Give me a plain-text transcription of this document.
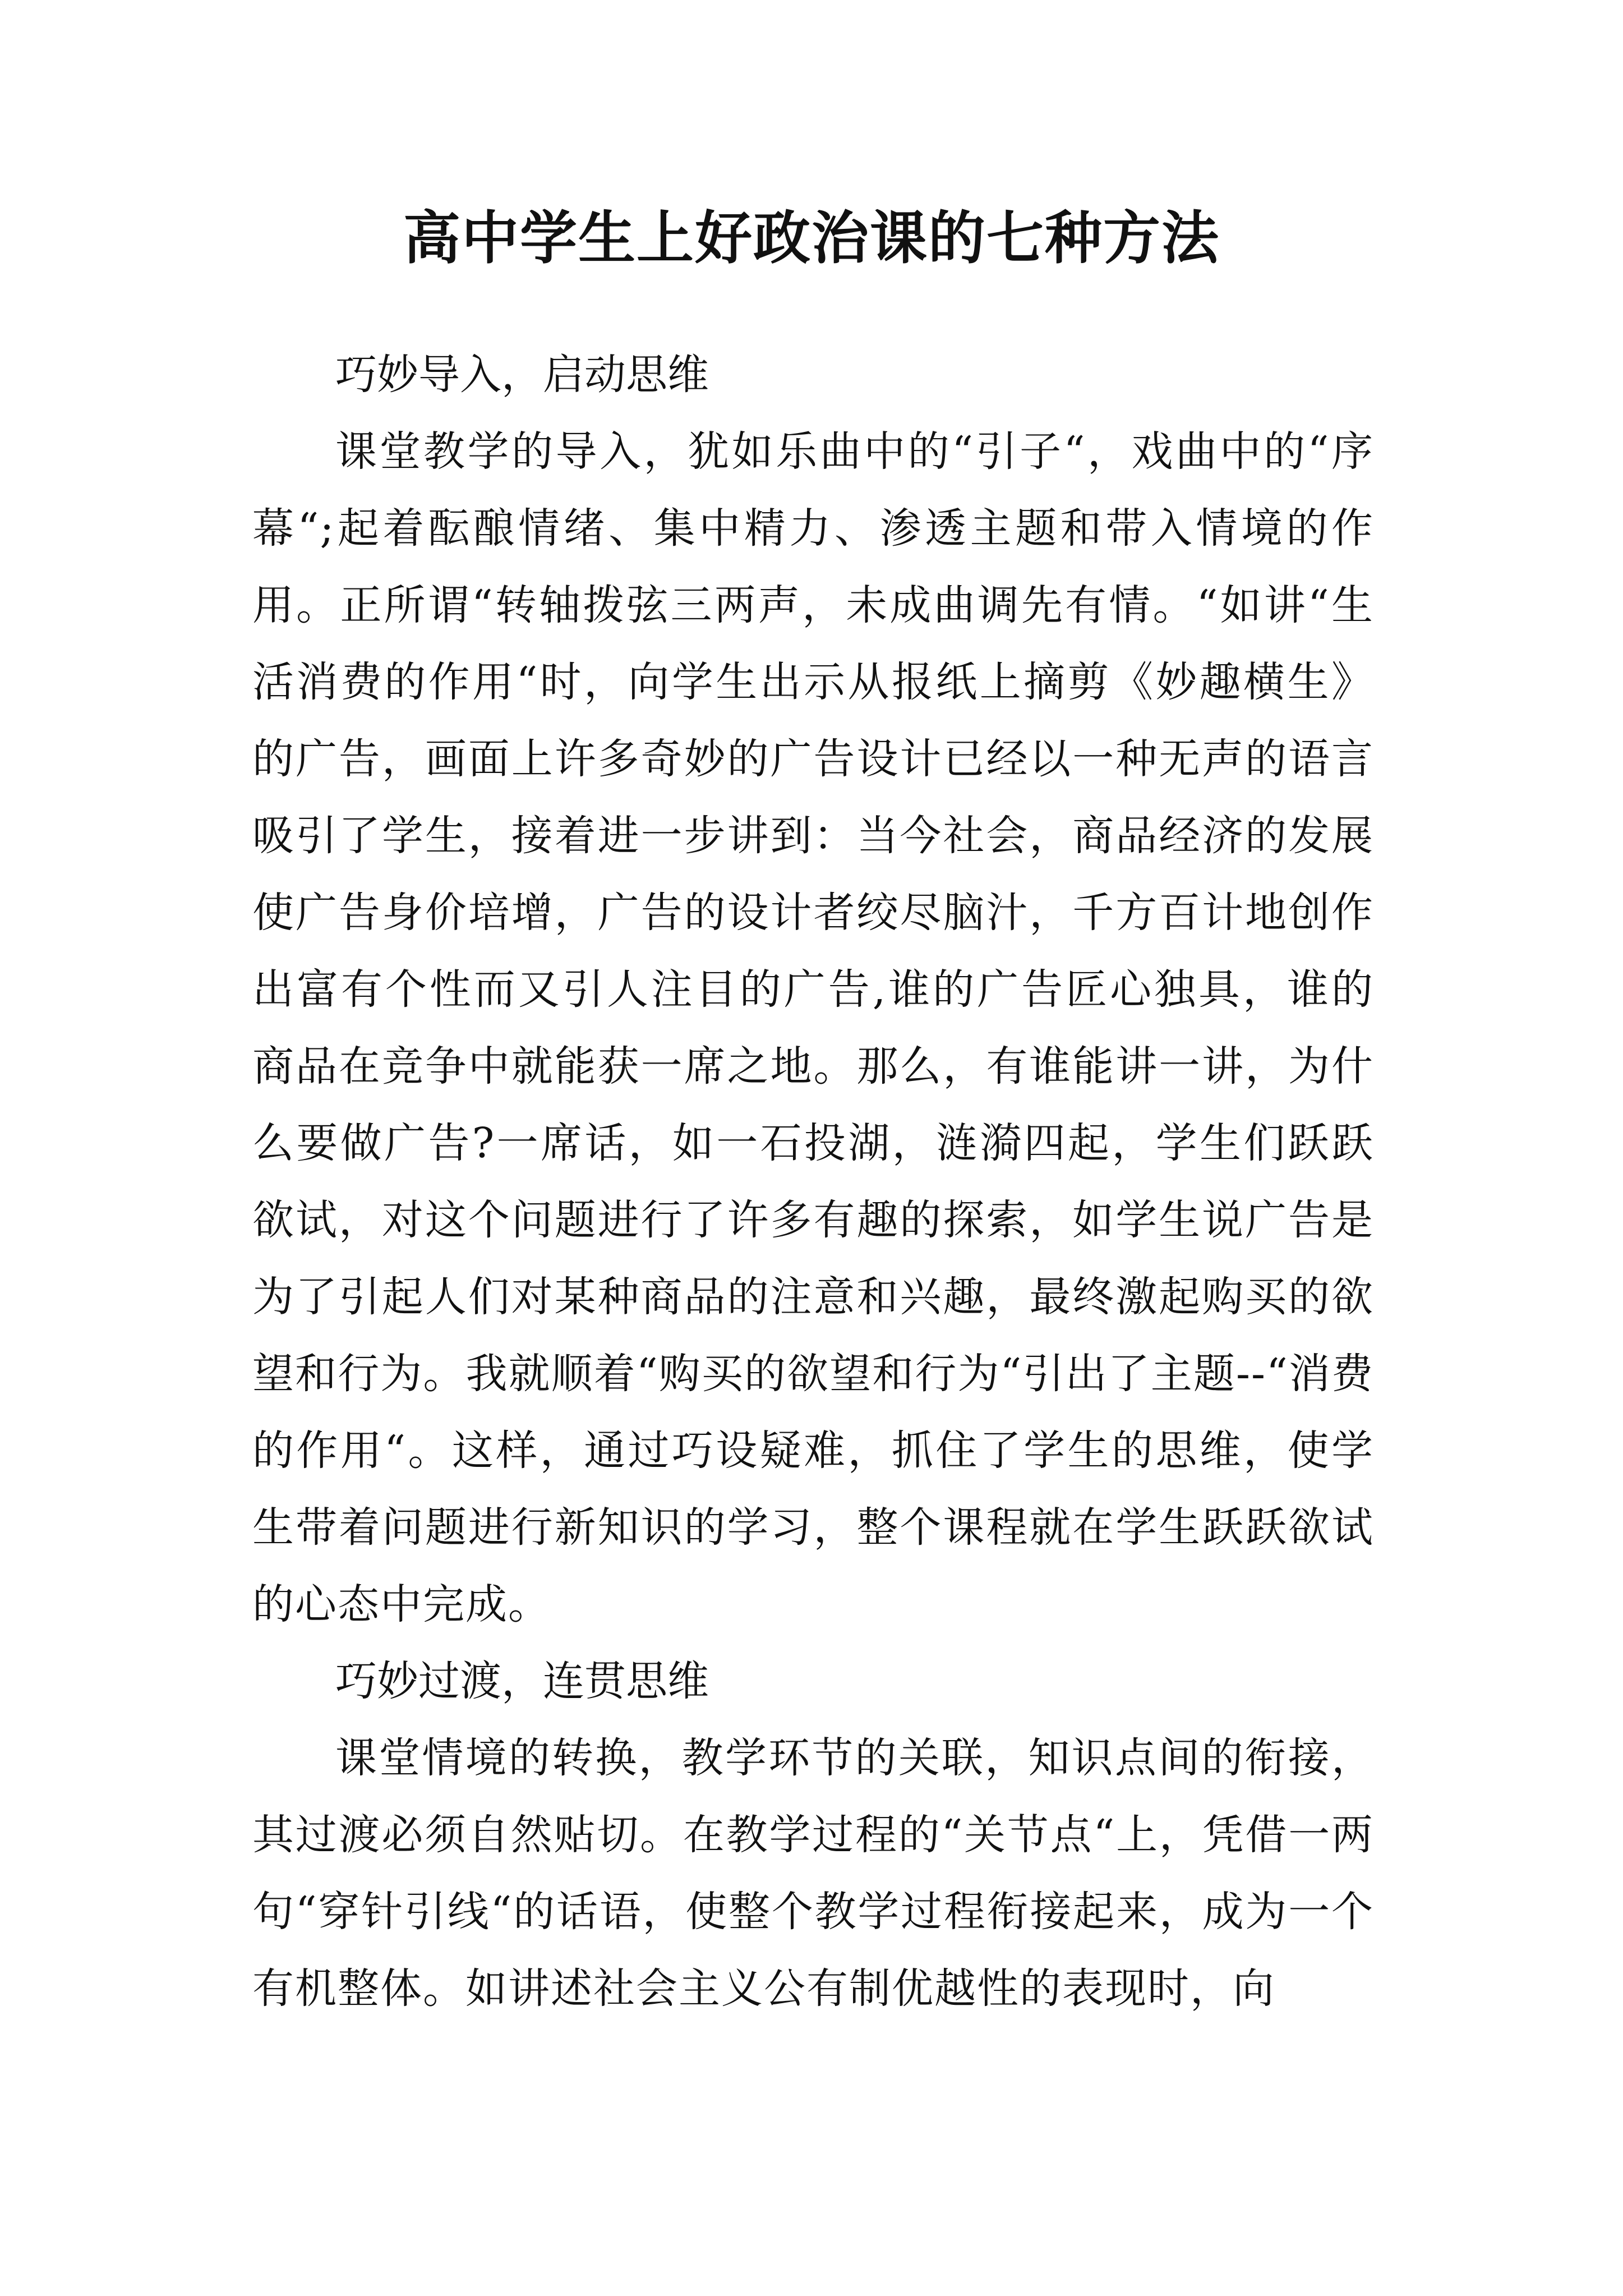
高中学生上好政治课的七种方法

巧妙导入，启动思维

课堂教学的导入，犹如乐曲中的“引子“，戏曲中的“序幕“;起着酝酿情绪、集中精力、渗透主题和带入情境的作用。正所谓“转轴拨弦三两声，未成曲调先有情。“如讲“生活消费的作用“时，向学生出示从报纸上摘剪《妙趣横生》的广告，画面上许多奇妙的广告设计已经以一种无声的语言吸引了学生，接着进一步讲到：当今社会，商品经济的发展使广告身价培增，广告的设计者绞尽脑汁，千方百计地创作出富有个性而又引人注目的广告,谁的广告匠心独具，谁的商品在竞争中就能获一席之地。那么，有谁能讲一讲，为什么要做广告?一席话，如一石投湖，涟漪四起，学生们跃跃欲试，对这个问题进行了许多有趣的探索，如学生说广告是为了引起人们对某种商品的注意和兴趣，最终激起购买的欲望和行为。我就顺着“购买的欲望和行为“引出了主题--“消费的作用“。这样，通过巧设疑难，抓住了学生的思维，使学生带着问题进行新知识的学习，整个课程就在学生跃跃欲试的心态中完成。

巧妙过渡，连贯思维

课堂情境的转换，教学环节的关联，知识点间的衔接，其过渡必须自然贴切。在教学过程的“关节点“上，凭借一两句“穿针引线“的话语，使整个教学过程衔接起来，成为一个有机整体。如讲述社会主义公有制优越性的表现时，向
